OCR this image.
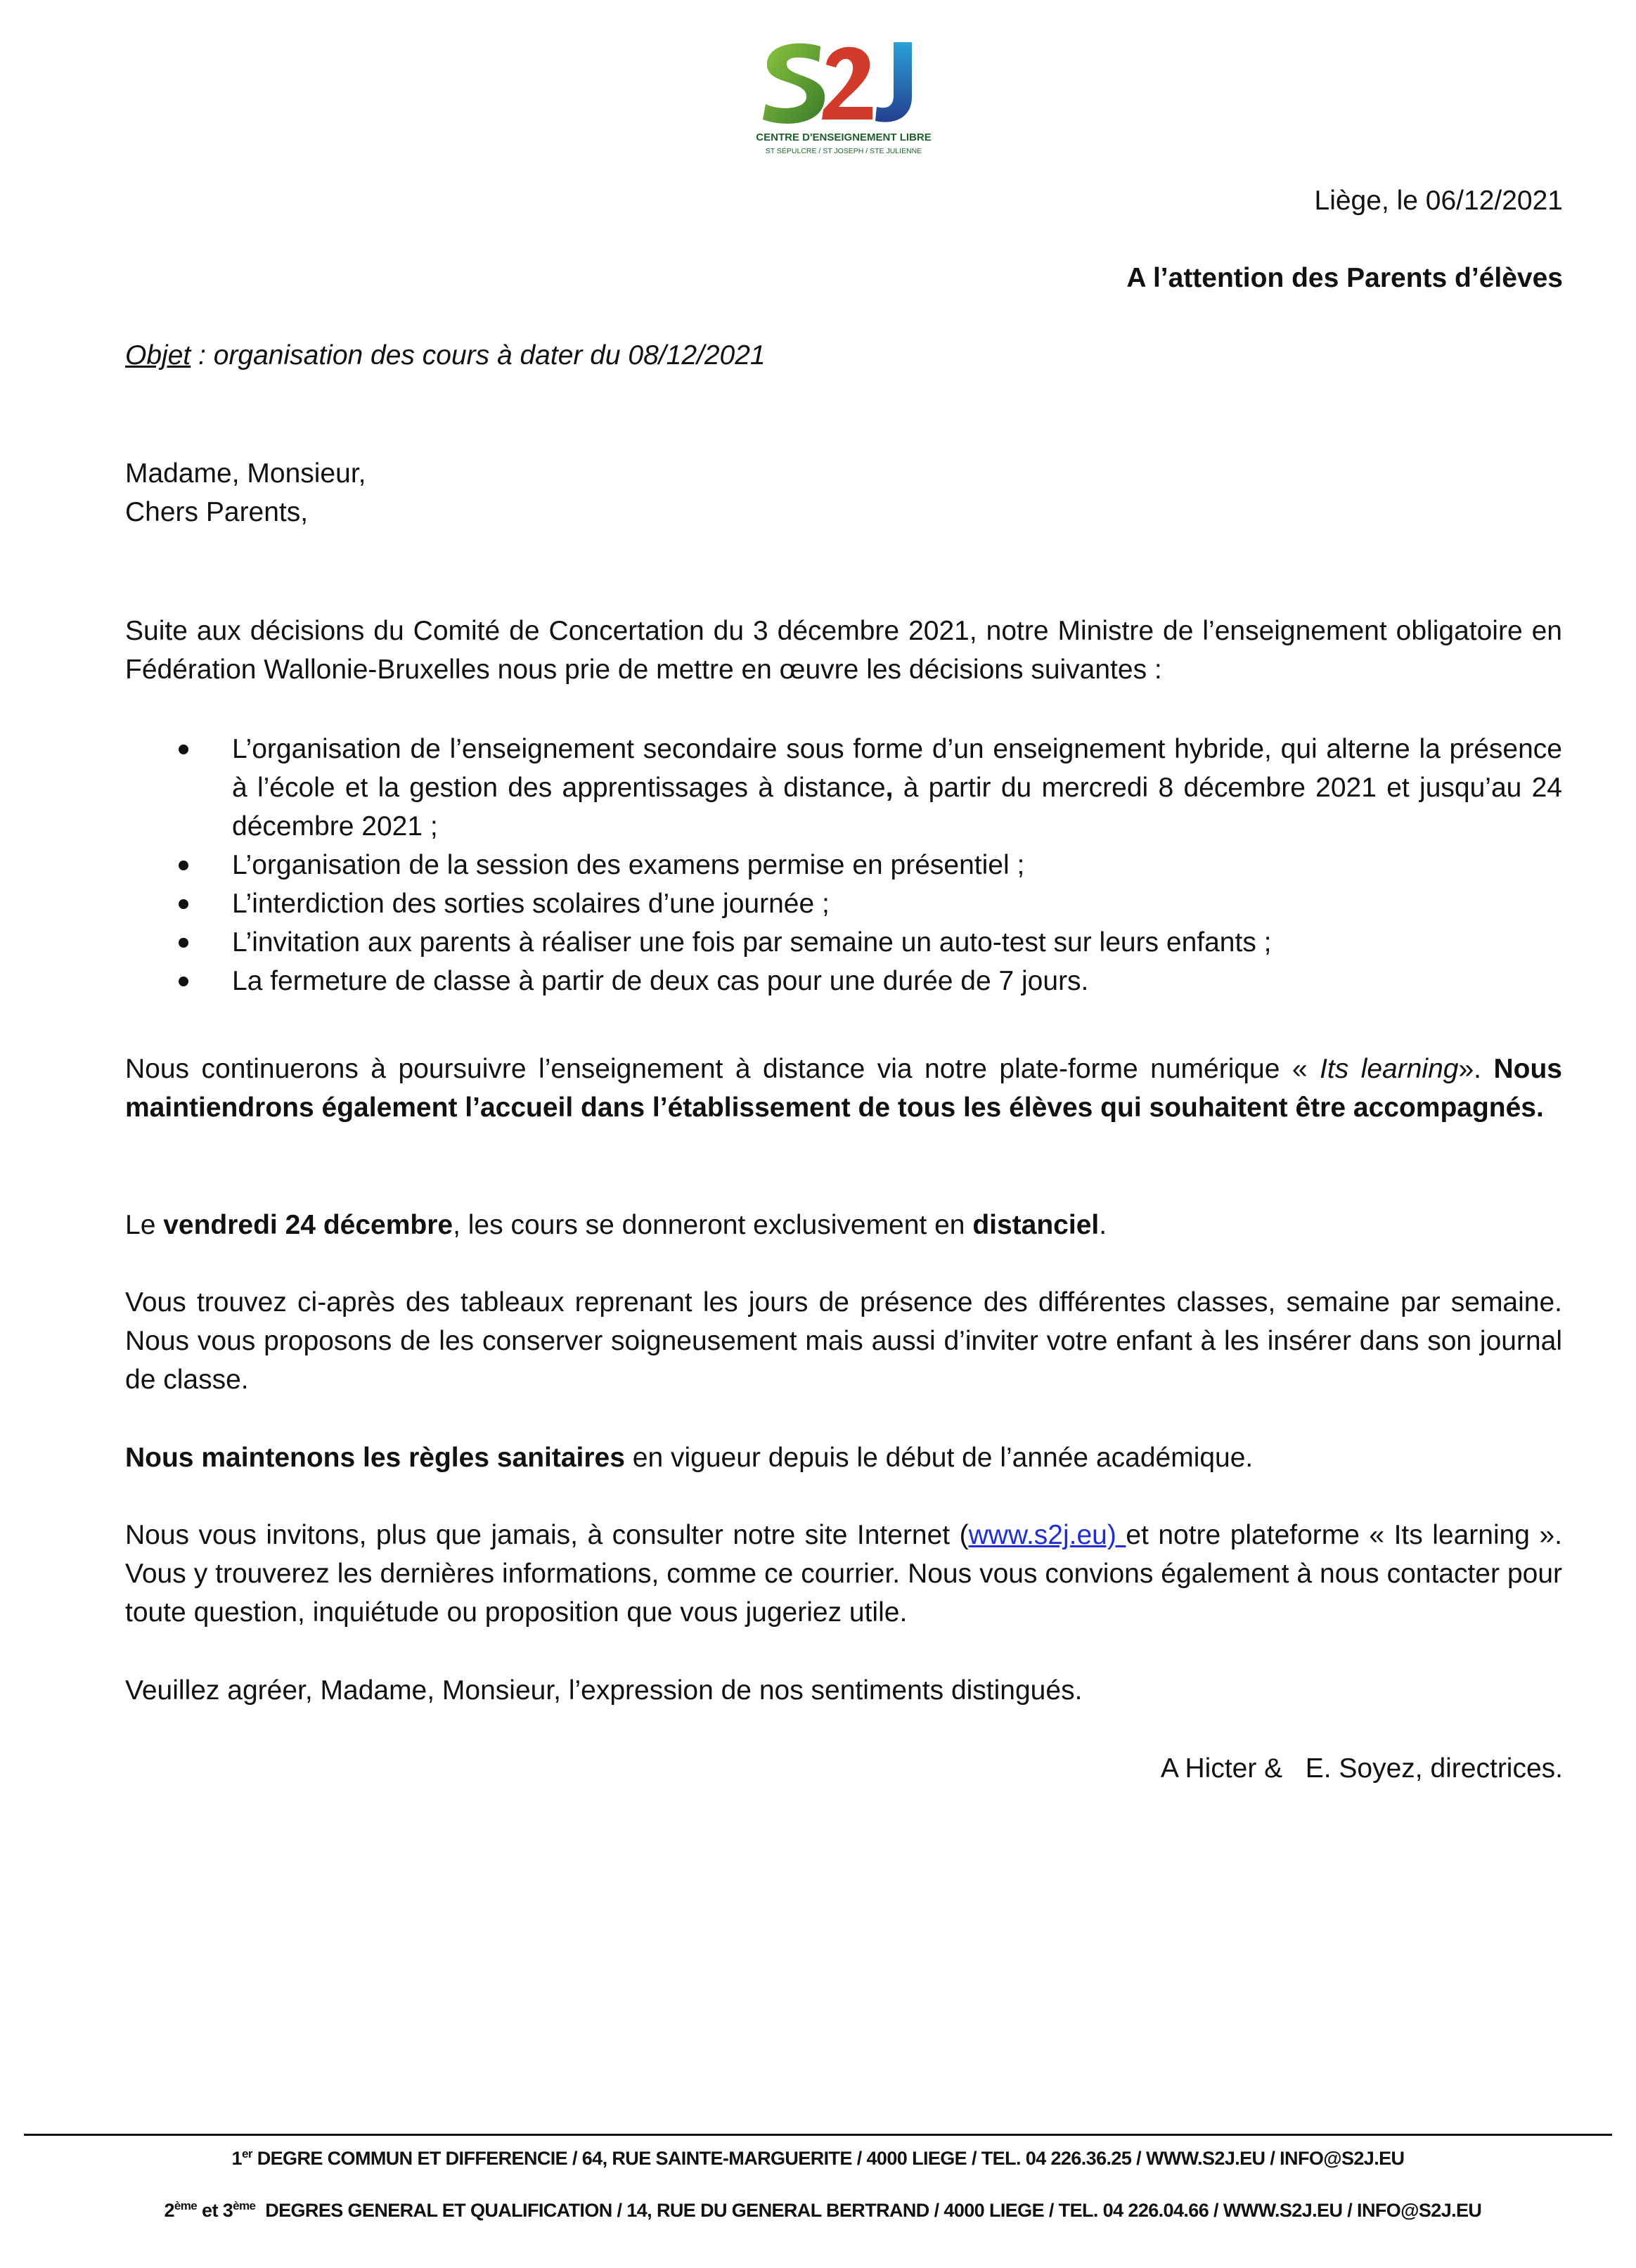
CENTRE D'ENSEIGNEMENT LIBRE
ST SÉPULCRE / ST JOSEPH / STE JULIENNE
Liège, le 06/12/2021
A l’attention des Parents d’élèves
Objet : organisation des cours à dater du 08/12/2021
Madame, Monsieur,
Chers Parents,
Suite aux décisions du Comité de Concertation du 3 décembre 2021, notre Ministre de l’enseignement obligatoire en Fédération Wallonie-Bruxelles nous prie de mettre en œuvre les décisions suivantes :
L’organisation de l’enseignement secondaire sous forme d’un enseignement hybride, qui alterne la présence à l’école et la gestion des apprentissages à distance, à partir du mercredi 8 décembre 2021 et jusqu’au 24 décembre 2021 ;
L’organisation de la session des examens permise en présentiel ;
L’interdiction des sorties scolaires d’une journée ;
L’invitation aux parents à réaliser une fois par semaine un auto-test sur leurs enfants ;
La fermeture de classe à partir de deux cas pour une durée de 7 jours.
Nous continuerons à poursuivre l’enseignement à distance via notre plate-forme numérique « Its learning». Nous maintiendrons également l’accueil dans l’établissement de tous les élèves qui souhaitent être accompagnés.
Le vendredi 24 décembre, les cours se donneront exclusivement en distanciel.
Vous trouvez ci-après des tableaux reprenant les jours de présence des différentes classes, semaine par semaine. Nous vous proposons de les conserver soigneusement mais aussi d’inviter votre enfant à les insérer dans son journal de classe.
Nous maintenons les règles sanitaires en vigueur depuis le début de l’année académique.
Nous vous invitons, plus que jamais, à consulter notre site Internet (www.s2j.eu) et notre plateforme « Its learning ». Vous y trouverez les dernières informations, comme ce courrier. Nous vous convions également à nous contacter pour toute question, inquiétude ou proposition que vous jugeriez utile.
Veuillez agréer, Madame, Monsieur, l’expression de nos sentiments distingués.
A Hicter &   E. Soyez, directrices.
1er DEGRE COMMUN ET DIFFERENCIE / 64, RUE SAINTE-MARGUERITE / 4000 LIEGE / TEL. 04 226.36.25 / WWW.S2J.EU / INFO@S2J.EU

2ème et 3ème  DEGRES GENERAL ET QUALIFICATION / 14, RUE DU GENERAL BERTRAND / 4000 LIEGE / TEL. 04 226.04.66 / WWW.S2J.EU / INFO@S2J.EU
